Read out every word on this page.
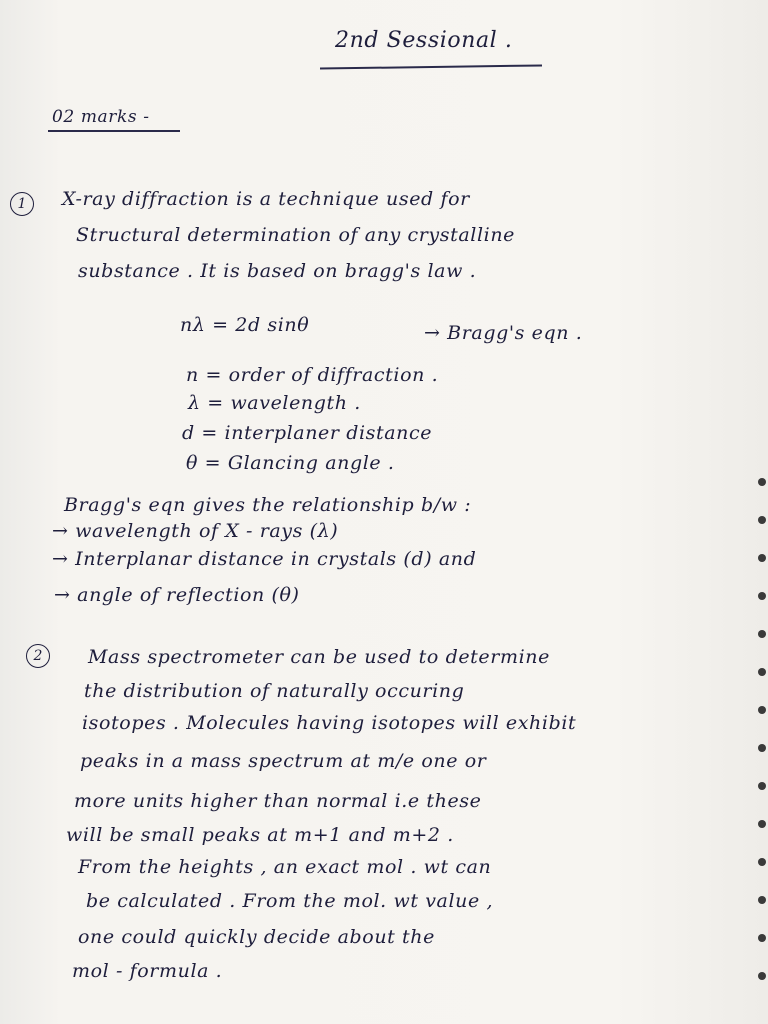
2nd Sessional .
02 marks -
1	X-ray diffraction is a technique used for
Structural determination of any crystalline
substance . It is based on bragg's law .
nλ = 2d sinθ	→ Bragg's eqn .
n = order of diffraction .
λ = wavelength .
d = interplaner distance
θ = Glancing angle .
Bragg's eqn gives the relationship b/w :
→ wavelength of X - rays (λ)
→ Interplanar distance in crystals (d) and
→ angle of reflection (θ)
2	Mass spectrometer can be used to determine
the distribution of naturally occuring
isotopes . Molecules having isotopes will exhibit
peaks in a mass spectrum at m/e one or
more units higher than normal i.e these
will be small peaks at m+1 and m+2 .
From the heights , an exact mol . wt can
be calculated . From the mol. wt value ,
one could quickly decide about the
mol - formula .
